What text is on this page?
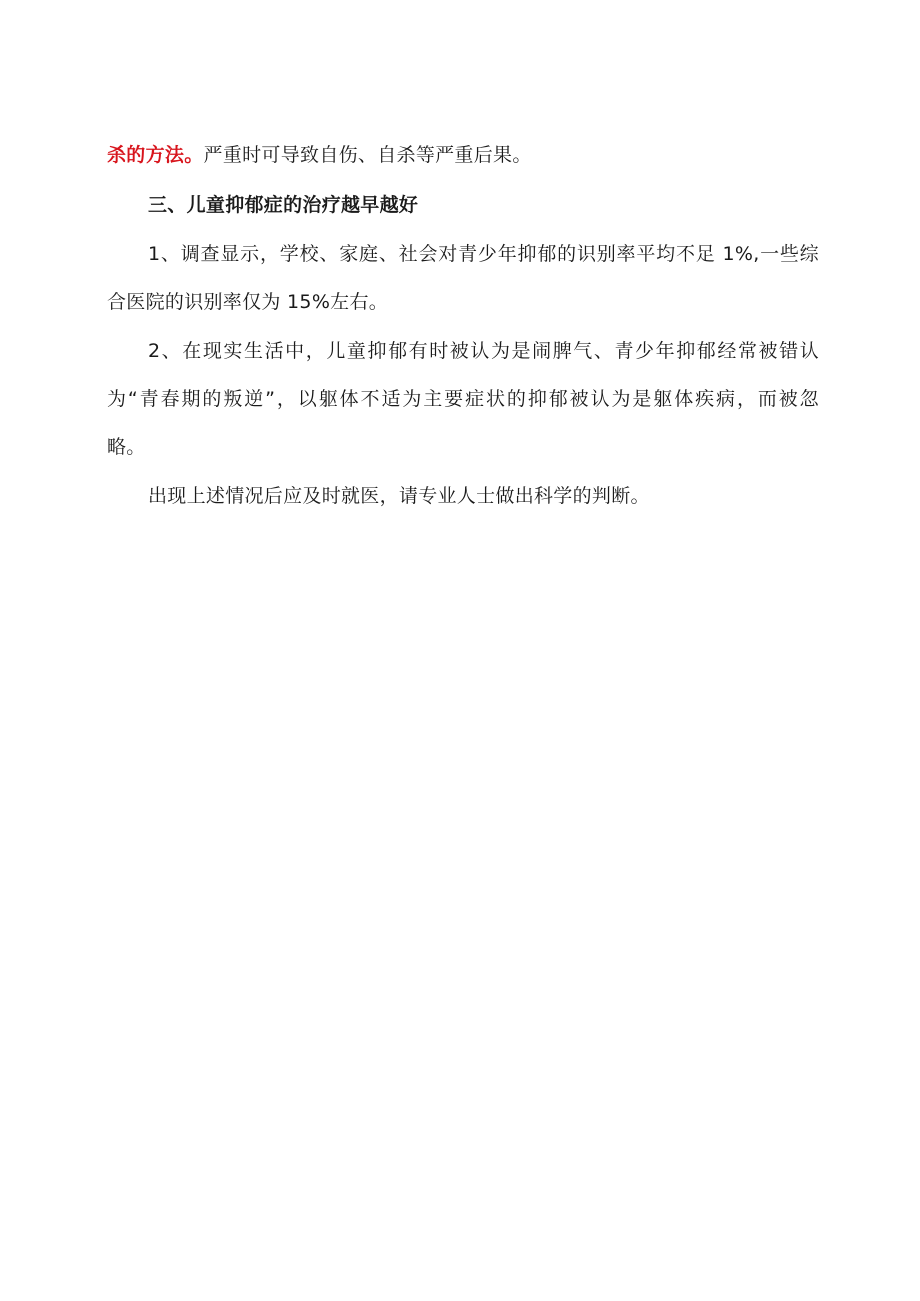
杀的方法。严重时可导致自伤、自杀等严重后果。
三、儿童抑郁症的治疗越早越好
1、调查显示，学校、家庭、社会对青少年抑郁的识别率平均不足 1%,一些综
合医院的识别率仅为 15%左右。
2、在现实生活中，儿童抑郁有时被认为是闹脾气、青少年抑郁经常被错认
为“青春期的叛逆”，以躯体不适为主要症状的抑郁被认为是躯体疾病，而被忽
略。
出现上述情况后应及时就医，请专业人士做出科学的判断。
